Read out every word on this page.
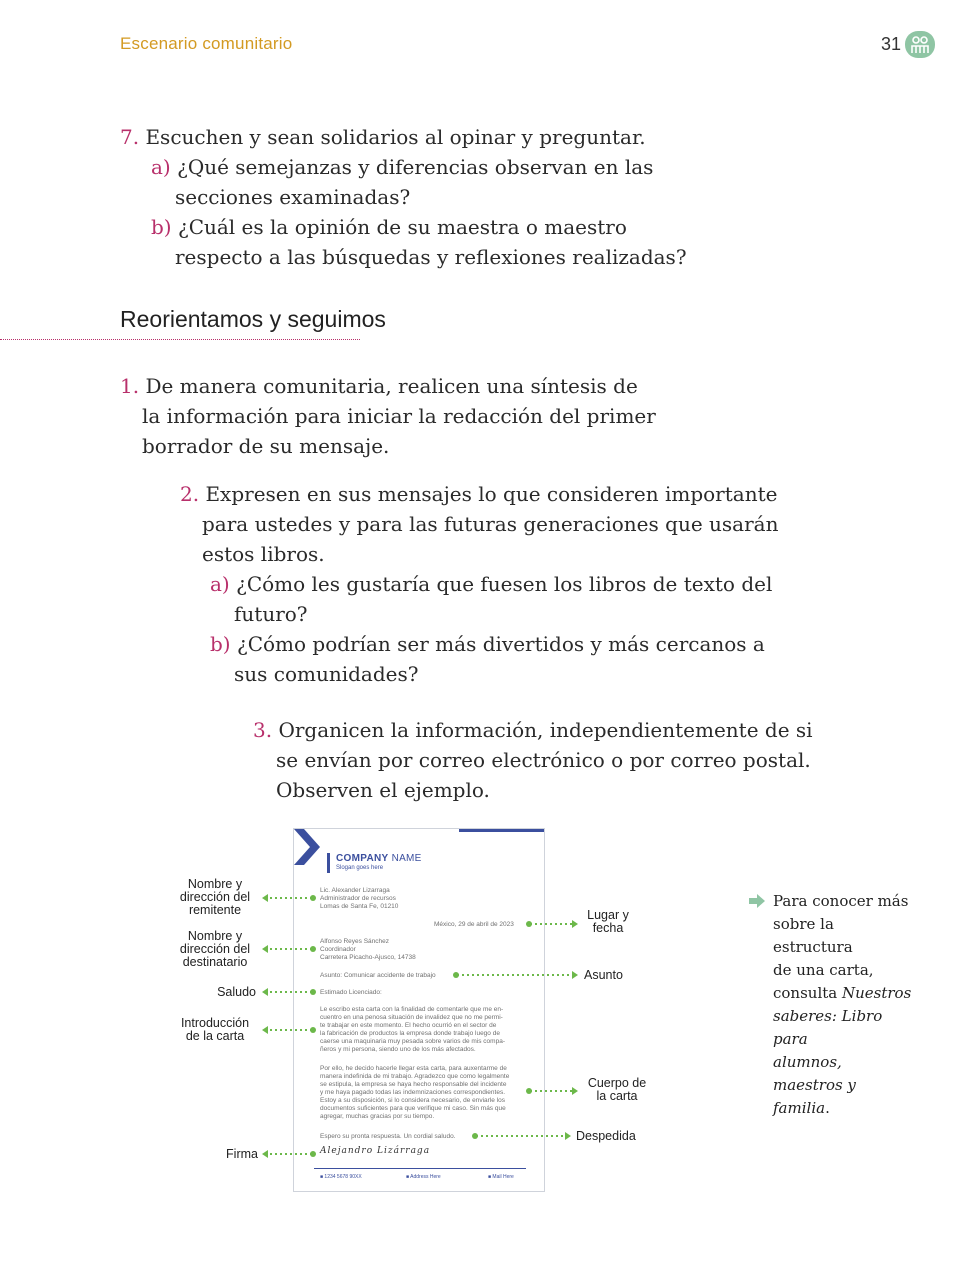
Escenario comunitario	31
7. Escuchen y sean solidarios al opinar y preguntar.
a) ¿Qué semejanzas y diferencias observan en las
secciones examinadas?
b) ¿Cuál es la opinión de su maestra o maestro
respecto a las búsquedas y reflexiones realizadas?
Reorientamos y seguimos
1. De manera comunitaria, realicen una síntesis de
la información para iniciar la redacción del primer
borrador de su mensaje.
2. Expresen en sus mensajes lo que consideren importante
para ustedes y para las futuras generaciones que usarán
estos libros.
a) ¿Cómo les gustaría que fuesen los libros de texto del
futuro?
b) ¿Cómo podrían ser más divertidos y más cercanos a
sus comunidades?
3. Organicen la información, independientemente de si
se envían por correo electrónico o por correo postal.
Observen el ejemplo.
COMPANY NAME
Slogan goes here
Lic. Alexander Lizarraga
Administrador de recursos
Lomas de Santa Fe, 01210
México, 29 de abril de 2023
Alfonso Reyes Sánchez
Coordinador
Carretera Picacho-Ajusco, 14738
Asunto: Comunicar accidente de trabajo
Estimado Licenciado:
Le escribo esta carta con la finalidad de comentarle que me en-
cuentro en una penosa situación de invalidez que no me permi-
te trabajar en este momento. El hecho ocurrió en el sector de
la fabricación de productos la empresa donde trabajo luego de
caerse una maquinaria muy pesada sobre varios de mis compa-
ñeros y mi persona, siendo uno de los más afectados.
Por ello, he decido hacerle llegar esta carta, para auxentarme de
manera indefinida de mi trabajo. Agradezco que como legalmente
se estipula, la empresa se haya hecho responsable del incidente
y me haya pagado todas las indemnizaciones correspondientes.
Estoy a su disposición, si lo considera necesario, de enviarle los
documentos suficientes para que verifique mi caso. Sin más que
agregar, muchas gracias por su tiempo.
Espero su pronta respuesta. Un cordial saludo.
Alejandro Lizárraga
■ 1234 5678 90XX	■ Address Here	■ Mail Here
Nombre y
dirección del
remitente
Nombre y
dirección del
destinatario
Saludo
Introducción
de la carta
Firma
Lugar y
fecha
Asunto
Cuerpo de
la carta
Despedida
Para conocer más
sobre la estructura
de una carta,
consulta Nuestros
saberes: Libro para
alumnos, maestros y
familia.
